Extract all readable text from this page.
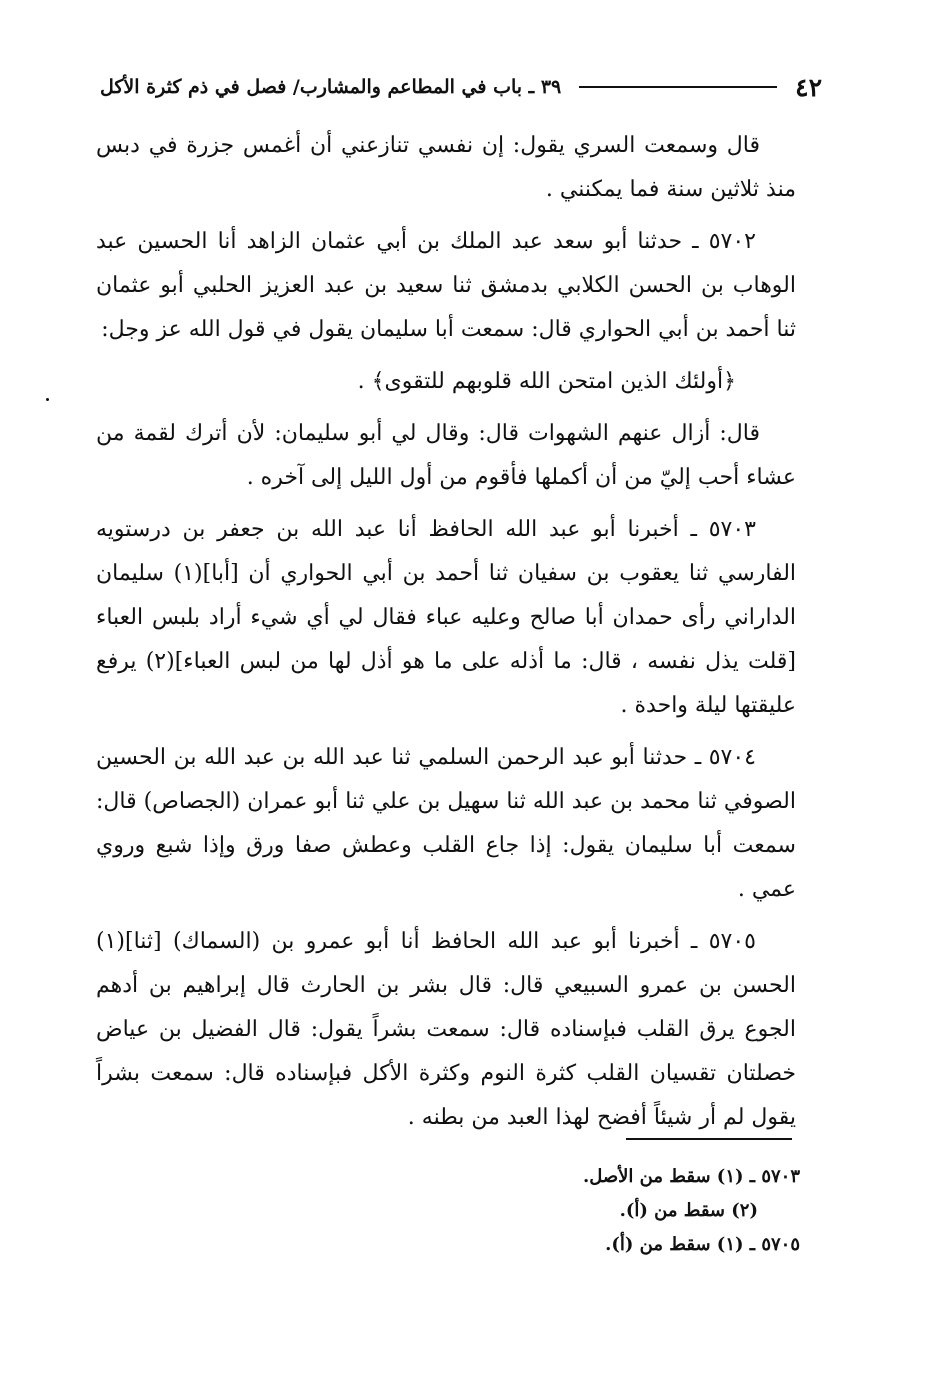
٤٢
٣٩ ـ باب في المطاعم والمشارب/ فصل في ذم كثرة الأكل

قال وسمعت السري يقول: إن نفسي تنازعني أن أغمس جزرة في دبس منذ ثلاثين سنة فما يمكنني .

٥٧٠٢ ـ حدثنا أبو سعد عبد الملك بن أبي عثمان الزاهد أنا الحسين عبد الوهاب بن الحسن الكلابي بدمشق ثنا سعيد بن عبد العزيز الحلبي أبو عثمان ثنا أحمد بن أبي الحواري قال: سمعت أبا سليمان يقول في قول الله عز وجل:

﴿أولئك الذين امتحن الله قلوبهم للتقوى﴾ .

قال: أزال عنهم الشهوات قال: وقال لي أبو سليمان: لأن أترك لقمة من عشاء أحب إليّ من أن أكملها فأقوم من أول الليل إلى آخره .

٥٧٠٣ ـ أخبرنا أبو عبد الله الحافظ أنا عبد الله بن جعفر بن درستويه الفارسي ثنا يعقوب بن سفيان ثنا أحمد بن أبي الحواري أن [أبا](١) سليمان الداراني رأى حمدان أبا صالح وعليه عباء فقال لي أي شيء أراد بلبس العباء [قلت يذل نفسه ، قال: ما أذله على ما هو أذل لها من لبس العباء](٢) يرفع عليقتها ليلة واحدة .

٥٧٠٤ ـ حدثنا أبو عبد الرحمن السلمي ثنا عبد الله بن عبد الله بن الحسين الصوفي ثنا محمد بن عبد الله ثنا سهيل بن علي ثنا أبو عمران (الجصاص) قال: سمعت أبا سليمان يقول: إذا جاع القلب وعطش صفا ورق وإذا شبع وروي عمي .

٥٧٠٥ ـ أخبرنا أبو عبد الله الحافظ أنا أبو عمرو بن (السماك) [ثنا](١) الحسن بن عمرو السبيعي قال: قال بشر بن الحارث قال إبراهيم بن أدهم الجوع يرق القلب فبإسناده قال: سمعت بشراً يقول: قال الفضيل بن عياض خصلتان تقسيان القلب كثرة النوم وكثرة الأكل فبإسناده قال: سمعت بشراً يقول لم أر شيئاً أفضح لهذا العبد من بطنه .

٥٧٠٣ ـ (١) سقط من الأصل.
(٢) سقط من (أ).
٥٧٠٥ ـ (١) سقط من (أ).
